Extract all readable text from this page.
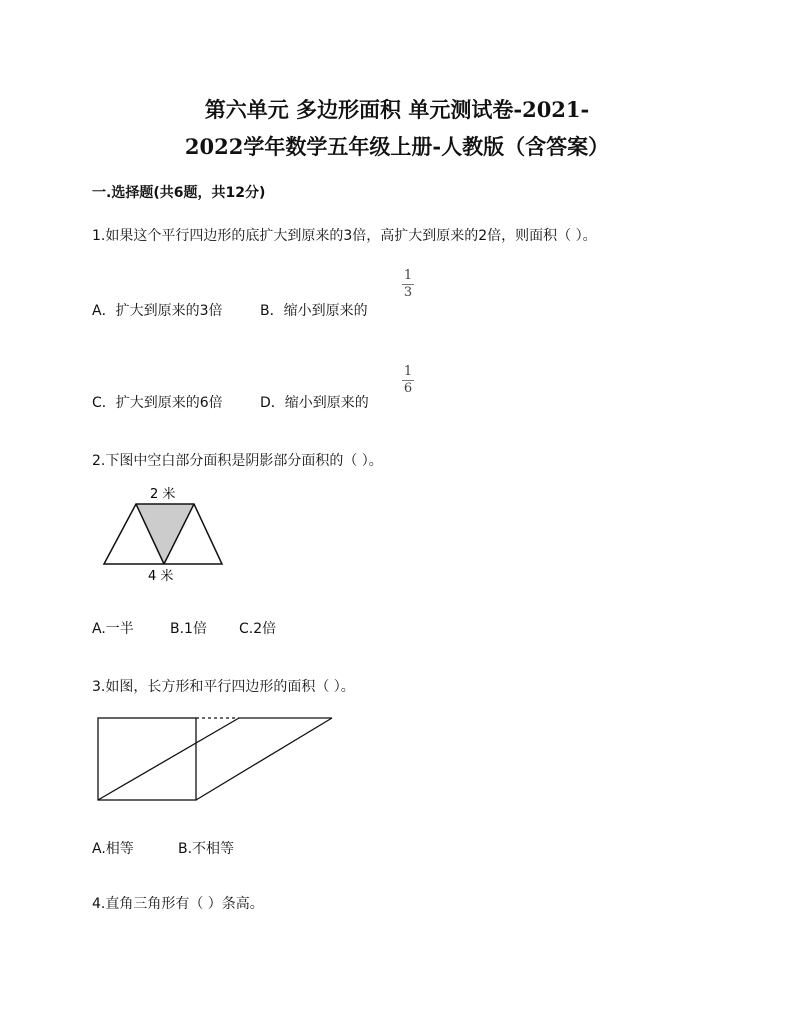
第六单元 多边形面积 单元测试卷-2021-
2022学年数学五年级上册-人教版（含答案）
一.选择题(共6题，共12分)
1.如果这个平行四边形的底扩大到原来的3倍，高扩大到原来的2倍，则面积（ ）。
A．扩大到原来的3倍	B．缩小到原来的
1
3
C．扩大到原来的6倍	D．缩小到原来的
1
6
2.下图中空白部分面积是阴影部分面积的（ ）。
2 米
4 米
A.一半	B.1倍 C.2倍
3.如图，长方形和平行四边形的面积（ ）。
A.相等	B.不相等
4.直角三角形有（ ）条高。
